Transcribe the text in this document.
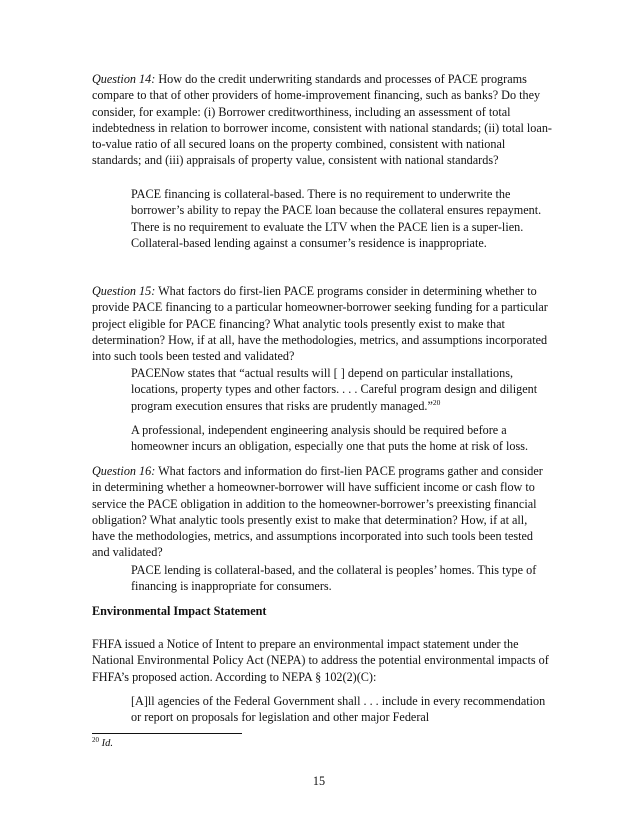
Question 14: How do the credit underwriting standards and processes of PACE programs compare to that of other providers of home-improvement financing, such as banks? Do they consider, for example: (i) Borrower creditworthiness, including an assessment of total indebtedness in relation to borrower income, consistent with national standards; (ii) total loan-to-value ratio of all secured loans on the property combined, consistent with national standards; and (iii) appraisals of property value, consistent with national standards?

PACE financing is collateral-based. There is no requirement to underwrite the borrower’s ability to repay the PACE loan because the collateral ensures repayment. There is no requirement to evaluate the LTV when the PACE lien is a super-lien. Collateral-based lending against a consumer’s residence is inappropriate.

Question 15: What factors do first-lien PACE programs consider in determining whether to provide PACE financing to a particular homeowner-borrower seeking funding for a particular project eligible for PACE financing? What analytic tools presently exist to make that determination? How, if at all, have the methodologies, metrics, and assumptions incorporated into such tools been tested and validated?

PACENow states that “actual results will [ ] depend on particular installations, locations, property types and other factors. . . . Careful program design and diligent program execution ensures that risks are prudently managed.”$^{20}$

A professional, independent engineering analysis should be required before a homeowner incurs an obligation, especially one that puts the home at risk of loss.

Question 16: What factors and information do first-lien PACE programs gather and consider in determining whether a homeowner-borrower will have sufficient income or cash flow to service the PACE obligation in addition to the homeowner-borrower’s preexisting financial obligation? What analytic tools presently exist to make that determination? How, if at all, have the methodologies, metrics, and assumptions incorporated into such tools been tested and validated?

PACE lending is collateral-based, and the collateral is peoples’ homes. This type of financing is inappropriate for consumers.

Environmental Impact Statement

FHFA issued a Notice of Intent to prepare an environmental impact statement under the National Environmental Policy Act (NEPA) to address the potential environmental impacts of FHFA’s proposed action. According to NEPA § 102(2)(C):

[A]ll agencies of the Federal Government shall . . . include in every recommendation or report on proposals for legislation and other major Federal

$^{20}$ Id.
15
